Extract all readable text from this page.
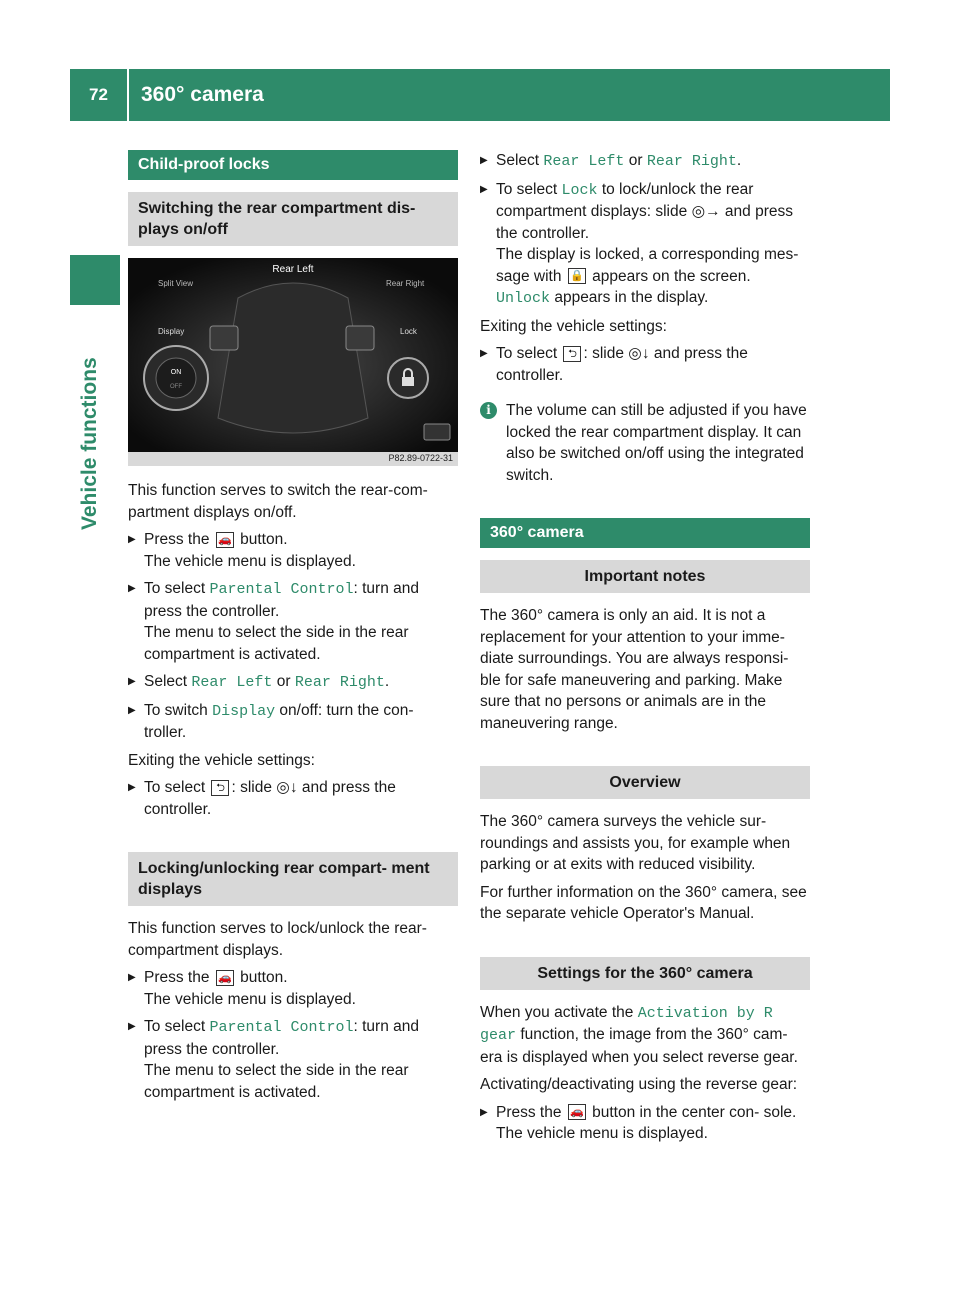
72	360° camera
Vehicle functions
Child-proof locks
Switching the rear compartment dis- plays on/off
Rear Left
Split View	Rear Right
Display	Lock
ON
OFF
P82.89-0722-31

This function serves to switch the rear-com- partment displays on/off.

▶ Press the 🚗 button.
The vehicle menu is displayed.
▶ To select Parental Control: turn and press the controller.
The menu to select the side in the rear compartment is activated.
▶ Select Rear Left or Rear Right.
▶ To switch Display on/off: turn the con- troller.

Exiting the vehicle settings:

▶ To select ⮌ : slide ◎↓ and press the controller.
Locking/unlocking rear compart- ment displays

This function serves to lock/unlock the rear- compartment displays.

▶ Press the 🚗 button.
The vehicle menu is displayed.
▶ To select Parental Control: turn and press the controller.
The menu to select the side in the rear compartment is activated.
▶ Select Rear Left or Rear Right.
▶ To select Lock to lock/unlock the rear compartment displays: slide ◎→ and press the controller.
The display is locked, a corresponding mes- sage with 🔒 appears on the screen.
Unlock appears in the display.

Exiting the vehicle settings:

▶ To select ⮌ : slide ◎↓ and press the controller.
i The volume can still be adjusted if you have locked the rear compartment display. It can also be switched on/off using the integrated switch.
360° camera
Important notes

The 360° camera is only an aid. It is not a replacement for your attention to your imme- diate surroundings. You are always responsi- ble for safe maneuvering and parking. Make sure that no persons or animals are in the maneuvering range.

Overview

The 360° camera surveys the vehicle sur- roundings and assists you, for example when parking or at exits with reduced visibility.

For further information on the 360° camera, see the separate vehicle Operator's Manual.

Settings for the 360° camera

When you activate the Activation by R gear function, the image from the 360° cam- era is displayed when you select reverse gear.

Activating/deactivating using the reverse gear:

▶ Press the 🚗 button in the center con- sole.
The vehicle menu is displayed.
